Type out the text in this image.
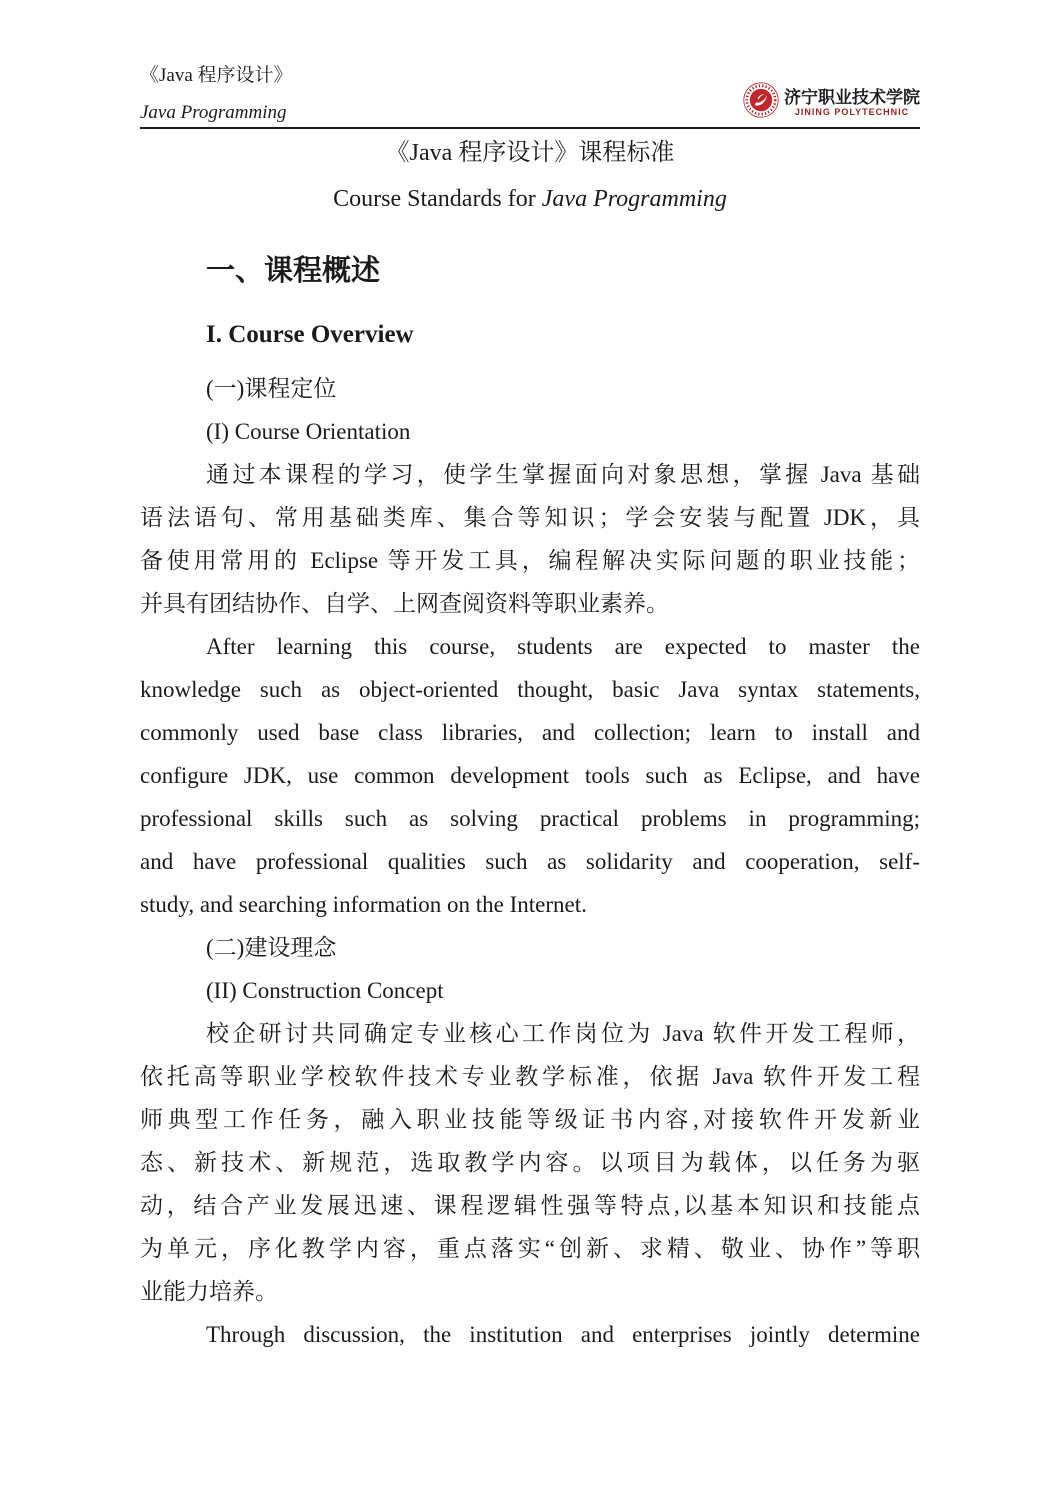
《Java 程序设计》
Java Programming
济宁职业技术学院
JINING POLYTECHNIC
《Java 程序设计》课程标准
Course Standards for Java Programming
一、课程概述
I. Course Overview
(一)课程定位
(I) Course Orientation
通过本课程的学习，使学生掌握面向对象思想，掌握 Java 基础
语法语句、常用基础类库、集合等知识；学会安装与配置 JDK，具
备使用常用的 Eclipse 等开发工具，编程解决实际问题的职业技能；
并具有团结协作、自学、上网查阅资料等职业素养。
After learning this course, students are expected to master the
knowledge such as object-oriented thought, basic Java syntax statements,
commonly used base class libraries, and collection; learn to install and
configure JDK, use common development tools such as Eclipse, and have
professional skills such as solving practical problems in programming;
and have professional qualities such as solidarity and cooperation, self-
study, and searching information on the Internet.
(二)建设理念
(II) Construction Concept
校企研讨共同确定专业核心工作岗位为 Java 软件开发工程师，
依托高等职业学校软件技术专业教学标准，依据 Java 软件开发工程
师典型工作任务，融入职业技能等级证书内容,对接软件开发新业
态、新技术、新规范，选取教学内容。以项目为载体，以任务为驱
动，结合产业发展迅速、课程逻辑性强等特点,以基本知识和技能点
为单元，序化教学内容，重点落实“创新、求精、敬业、协作”等职
业能力培养。
Through discussion, the institution and enterprises jointly determine
